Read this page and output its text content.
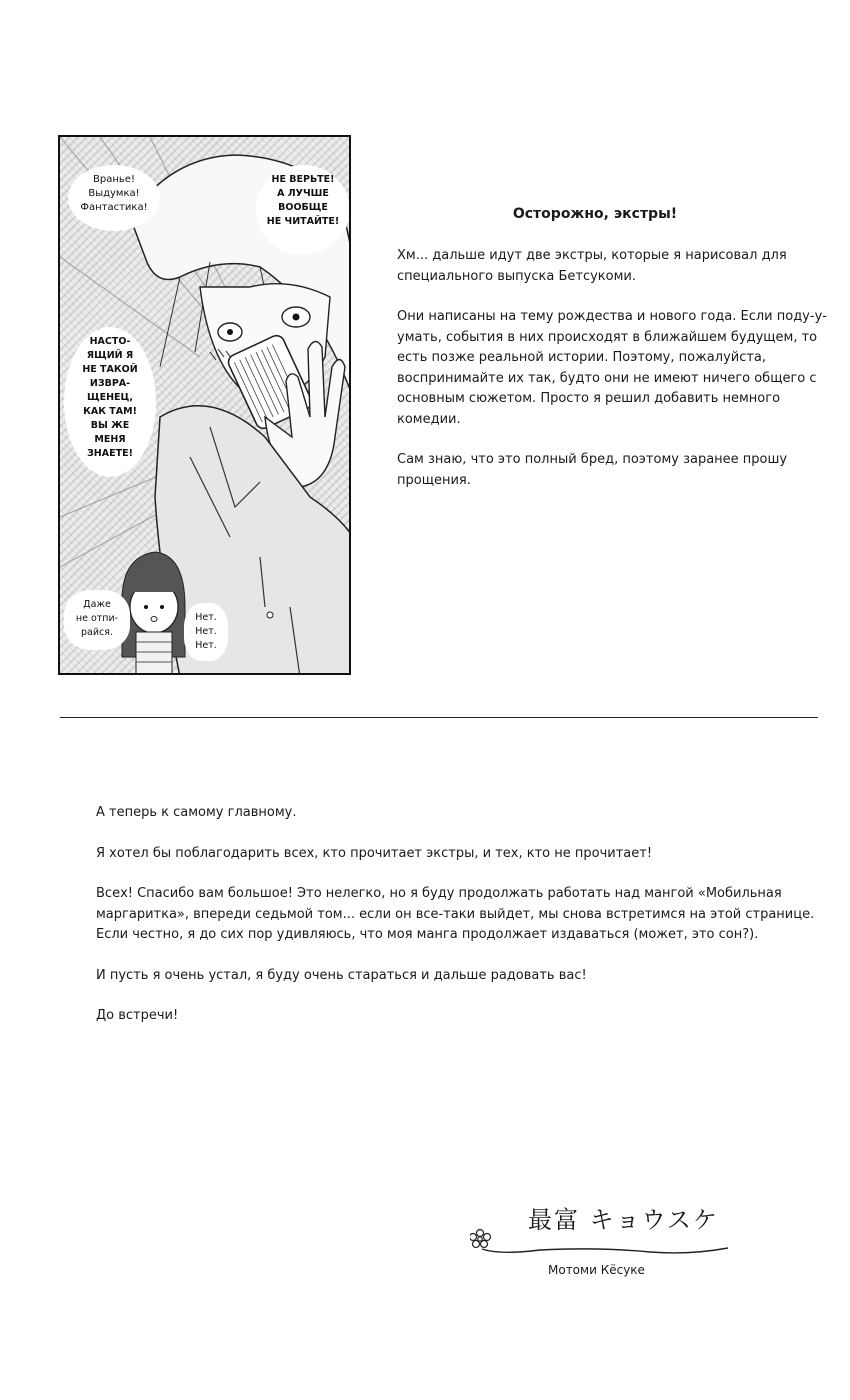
Вранье!
Выдумка!
Фантастика!
НЕ ВЕРЬТЕ!
А ЛУЧШЕ
ВООБЩЕ
НЕ ЧИТАЙТЕ!
НАСТО-
ЯЩИЙ Я
НЕ ТАКОЙ
ИЗВРА-
ЩЕНЕЦ,
КАК ТАМ!
ВЫ ЖЕ
МЕНЯ
ЗНАЕТЕ!
Даже
не отпи-
райся.
Нет.
Нет.
Нет.
Осторожно, экстры!

Хм... дальше идут две экстры, которые я нарисовал для специального выпуска Бетсукоми.

Они написаны на тему рождества и нового года. Если поду-у-умать, события в них происходят в ближайшем будущем, то есть позже реальной истории. Поэтому, пожалуйста, воспринимайте их так, будто они не имеют ничего общего с основным сюжетом. Просто я решил добавить немного комедии.

Сам знаю, что это полный бред, поэтому заранее прошу прощения.

А теперь к самому главному.

Я хотел бы поблагодарить всех, кто прочитает экстры, и тех, кто не прочитает!

Всех! Спасибо вам большое! Это нелегко, но я буду продолжать работать над мангой «Мобильная маргаритка», впереди седьмой том... если он все-таки выйдет, мы снова встретимся на этой странице. Если честно, я до сих пор удивляюсь, что моя манга продолжает издаваться (может, это сон?).

И пусть я очень устал, я буду очень стараться и дальше радовать вас!

До встречи!

最富 キョウスケ
Мотоми Кёсуке
